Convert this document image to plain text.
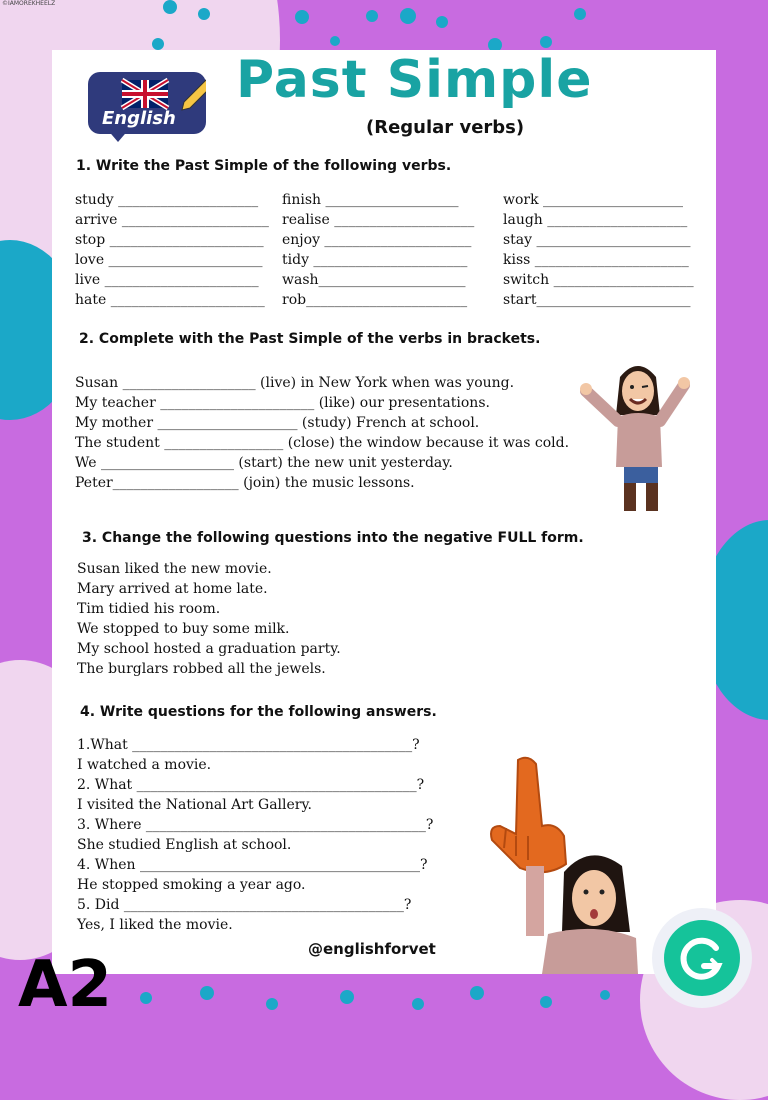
©IAMOREKHEELZ
English
Past Simple
(Regular verbs)
1. Write the Past Simple of the following verbs.
study ____________________
arrive _____________________
stop ______________________
love ______________________
live ______________________
hate ______________________
finish ___________________
realise ____________________
enjoy _____________________
tidy ______________________
wash_____________________
rob_______________________
work ____________________
laugh ____________________
stay ______________________
kiss ______________________
switch ____________________
start______________________
2. Complete with the Past Simple of the verbs in brackets.
Susan ___________________ (live) in New York when was young.
My teacher ______________________ (like) our presentations.
My mother ____________________ (study) French at school.
The student _________________ (close) the window because it was cold.
We ___________________ (start) the new unit yesterday.
Peter__________________ (join) the music lessons.
3. Change the following questions into the negative FULL form.
Susan liked the new movie.
Mary arrived at home late.
Tim tidied his room.
We stopped to buy some milk.
My school hosted a graduation party.
The burglars robbed all the jewels.
4. Write questions for the following answers.
1.What ________________________________________?
I watched a movie.
2. What ________________________________________?
I visited the National Art Gallery.
3. Where ________________________________________?
She studied English at school.
4. When ________________________________________?
He stopped smoking a year ago.
5. Did ________________________________________?
Yes, I liked the movie.
@englishforvet
A2
